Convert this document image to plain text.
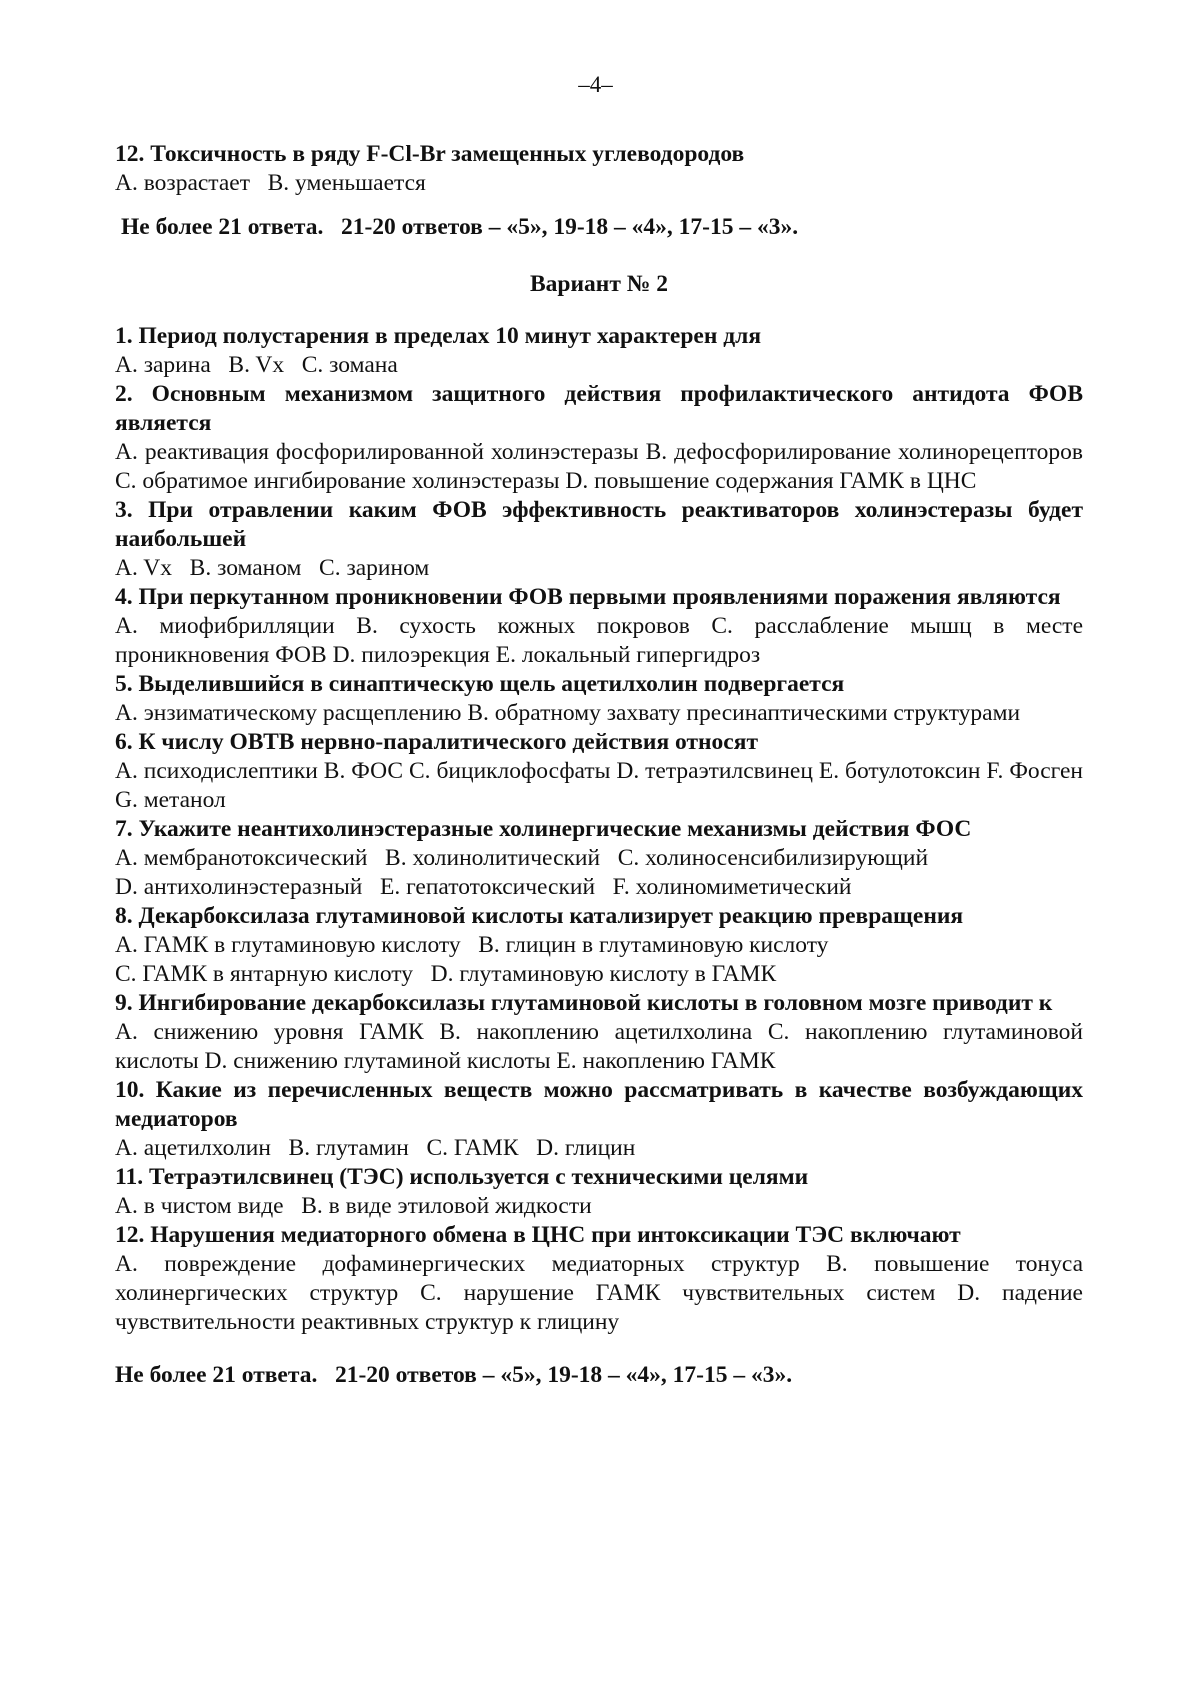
–4–
12. Токсичность в ряду F-Cl-Br замещенных углеводородов
A. возрастает   B. уменьшается
Не более 21 ответа.   21-20 ответов – «5», 19-18 – «4», 17-15 – «3».
Вариант № 2
1. Период полустарения в пределах 10 минут характерен для
A. зарина   B. Vx   C. зомана
2. Основным механизмом защитного действия профилактического антидота ФОВ является
A. реактивация фосфорилированной холинэстеразы B. дефосфорилирование холинорецепторов C. обратимое ингибирование холинэстеразы D. повышение содержания ГАМК в ЦНС
3. При отравлении каким ФОВ эффективность реактиваторов холинэстеразы будет наибольшей
A. Vx   B. зоманом   C. зарином
4. При перкутанном проникновении ФОВ первыми проявлениями поражения являются
A. миофибрилляции B. сухость кожных покровов C. расслабление мышц в месте проникновения ФОВ D. пилоэрекция E. локальный гипергидроз
5. Выделившийся в синаптическую щель ацетилхолин подвергается
A. энзиматическому расщеплению B. обратному захвату пресинаптическими структурами
6. К числу ОВТВ нервно-паралитического действия относят
A. психодислептики B. ФОС C. бициклофосфаты D. тетраэтилсвинец E. ботулотоксин F. Фосген G. метанол
7. Укажите неантихолинэстеразные холинергические механизмы действия ФОС
A. мембранотоксический   B. холинолитический   C. холиносенсибилизирующий
D. антихолинэстеразный   E. гепатотоксический   F. холиномиметический
8. Декарбоксилаза глутаминовой кислоты катализирует реакцию превращения
A. ГАМК в глутаминовую кислоту   B. глицин в глутаминовую кислоту
C. ГАМК в янтарную кислоту   D. глутаминовую кислоту в ГАМК
9. Ингибирование декарбоксилазы глутаминовой кислоты в головном мозге приводит к
A. снижению уровня ГАМК B. накоплению ацетилхолина C. накоплению глутаминовой кислоты D. снижению глутаминой кислоты E. накоплению ГАМК
10. Какие из перечисленных веществ можно рассматривать в качестве возбуждающих медиаторов
A. ацетилхолин   B. глутамин   C. ГАМК   D. глицин
11. Тетраэтилсвинец (ТЭС) используется с техническими целями
A. в чистом виде   B. в виде этиловой жидкости
12. Нарушения медиаторного обмена в ЦНС при интоксикации ТЭС включают
A. повреждение дофаминергических медиаторных структур B. повышение тонуса холинергических структур C. нарушение ГАМК чувствительных систем D. падение чувствительности реактивных структур к глицину
Не более 21 ответа.   21-20 ответов – «5», 19-18 – «4», 17-15 – «3».
